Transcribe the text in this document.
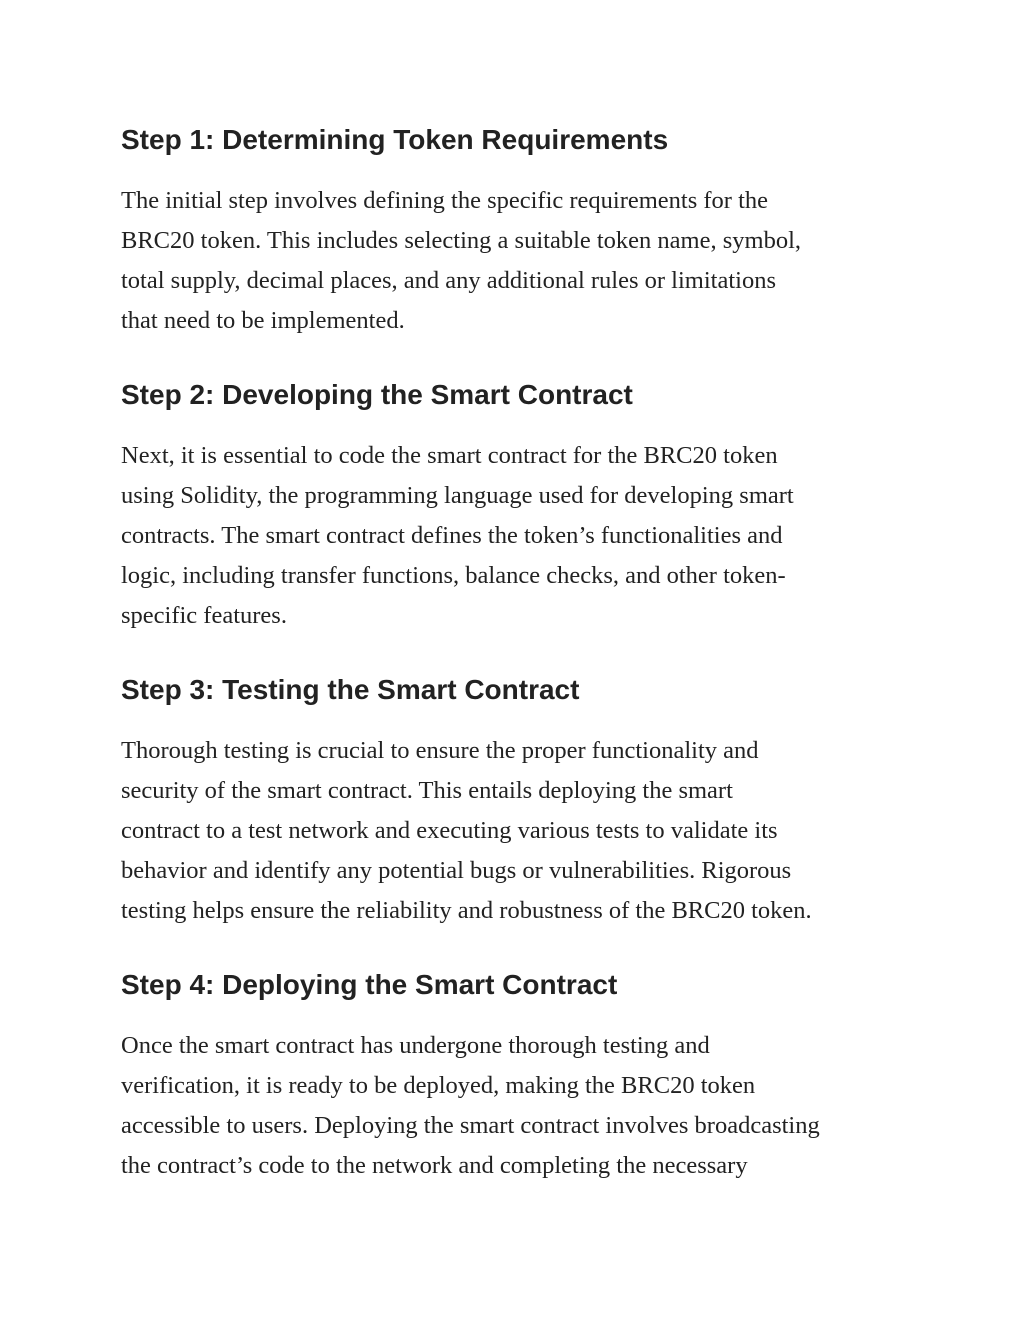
Step 1: Determining Token Requirements

The initial step involves defining the specific requirements for the
BRC20 token. This includes selecting a suitable token name, symbol,
total supply, decimal places, and any additional rules or limitations
that need to be implemented.

Step 2: Developing the Smart Contract

Next, it is essential to code the smart contract for the BRC20 token
using Solidity, the programming language used for developing smart
contracts. The smart contract defines the token’s functionalities and
logic, including transfer functions, balance checks, and other token-
specific features.

Step 3: Testing the Smart Contract

Thorough testing is crucial to ensure the proper functionality and
security of the smart contract. This entails deploying the smart
contract to a test network and executing various tests to validate its
behavior and identify any potential bugs or vulnerabilities. Rigorous
testing helps ensure the reliability and robustness of the BRC20 token.

Step 4: Deploying the Smart Contract

Once the smart contract has undergone thorough testing and
verification, it is ready to be deployed, making the BRC20 token
accessible to users. Deploying the smart contract involves broadcasting
the contract’s code to the network and completing the necessary
